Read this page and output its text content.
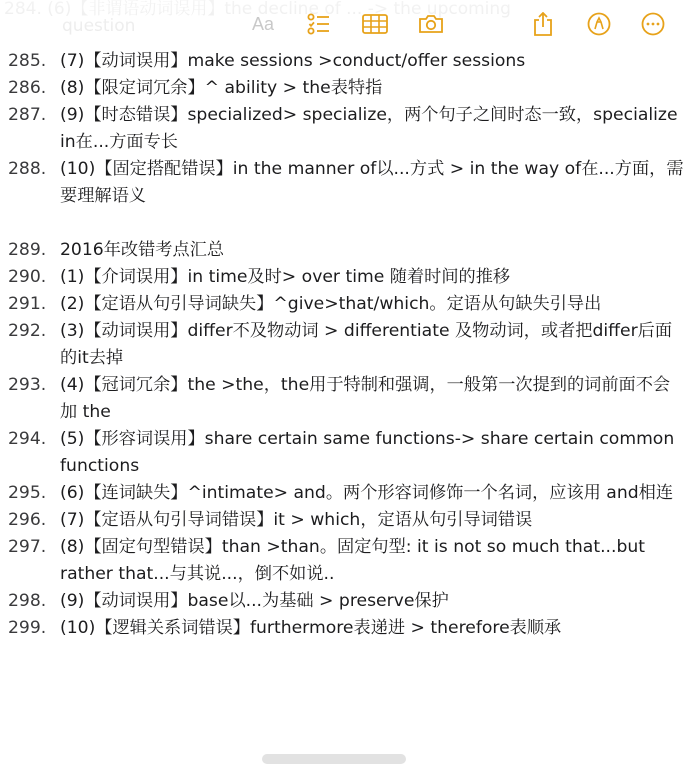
Aa
285. (7)【动词误用】make sessions >conduct/offer sessions
286. (8)【限定词冗余】^ ability > the表特指
287. (9)【时态错误】specialized> specialize，两个句子之间时态一致，specialize in在...方面专长
288. (10)【固定搭配错误】in the manner of以...方式 > in the way of在...方面，需要理解语义
289. 2016年改错考点汇总
290. (1)【介词误用】in time及时> over time 随着时间的推移
291. (2)【定语从句引导词缺失】^give>that/which。定语从句缺失引导出
292. (3)【动词误用】differ不及物动词 > differentiate 及物动词，或者把differ后面的it去掉
293. (4)【冠词冗余】the >the，the用于特制和强调，一般第一次提到的词前面不会加 the
294. (5)【形容词误用】share certain same functions-> share certain common functions
295. (6)【连词缺失】^intimate> and。两个形容词修饰一个名词，应该用 and相连
296. (7)【定语从句引导词错误】it > which，定语从句引导词错误
297. (8)【固定句型错误】than >than。固定句型: it is not so much that...but rather that...与其说...，倒不如说..
298. (9)【动词误用】base以...为基础 > preserve保护
299. (10)【逻辑关系词错误】furthermore表递进 > therefore表顺承
